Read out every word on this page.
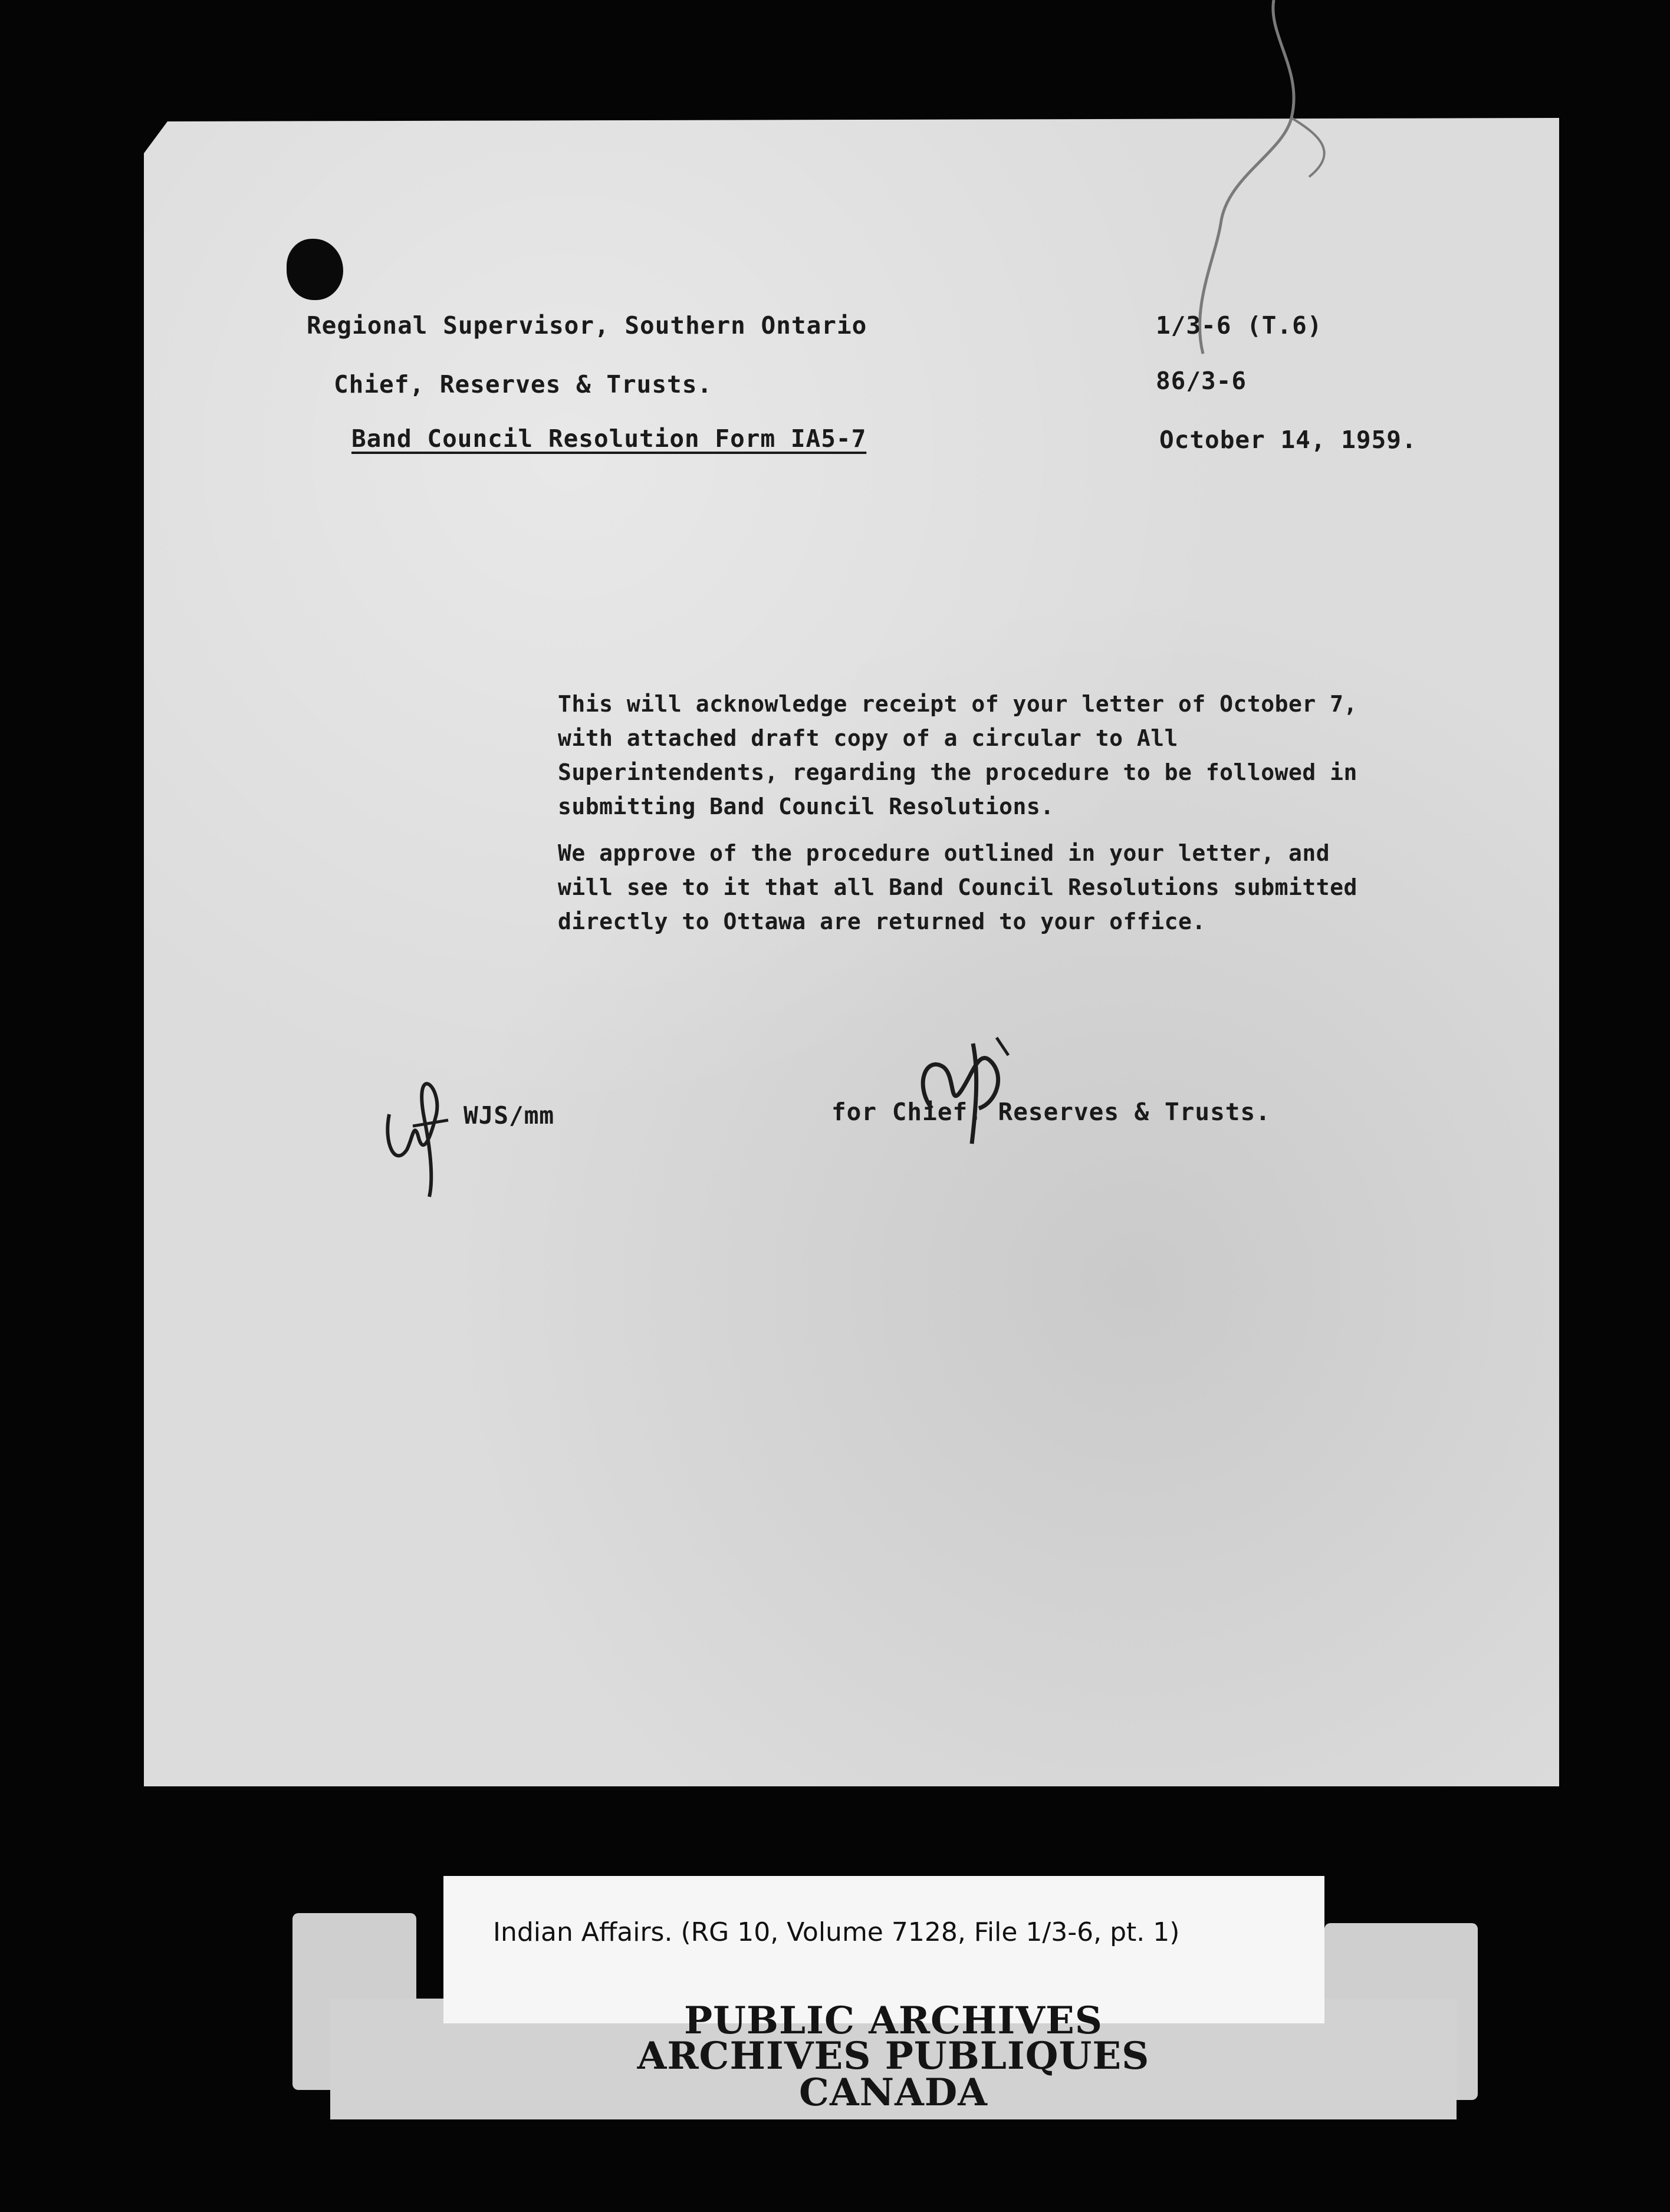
Regional Supervisor, Southern Ontario
Chief, Reserves & Trusts.
Band Council Resolution Form IA5-7
1/3-6 (T.6)
86/3-6
October 14, 1959.

This will acknowledge receipt of your letter of October 7, with attached draft copy of a circular to All Superintendents, regarding the procedure to be followed in submitting Band Council Resolutions.

We approve of the procedure outlined in your letter, and will see to it that all Band Council Resolutions submitted directly to Ottawa are returned to your office.

WJS/mm	for Chief, Reserves & Trusts.
Indian Affairs. (RG 10, Volume 7128, File 1/3-6, pt. 1)
PUBLIC ARCHIVES
ARCHIVES PUBLIQUES
CANADA
